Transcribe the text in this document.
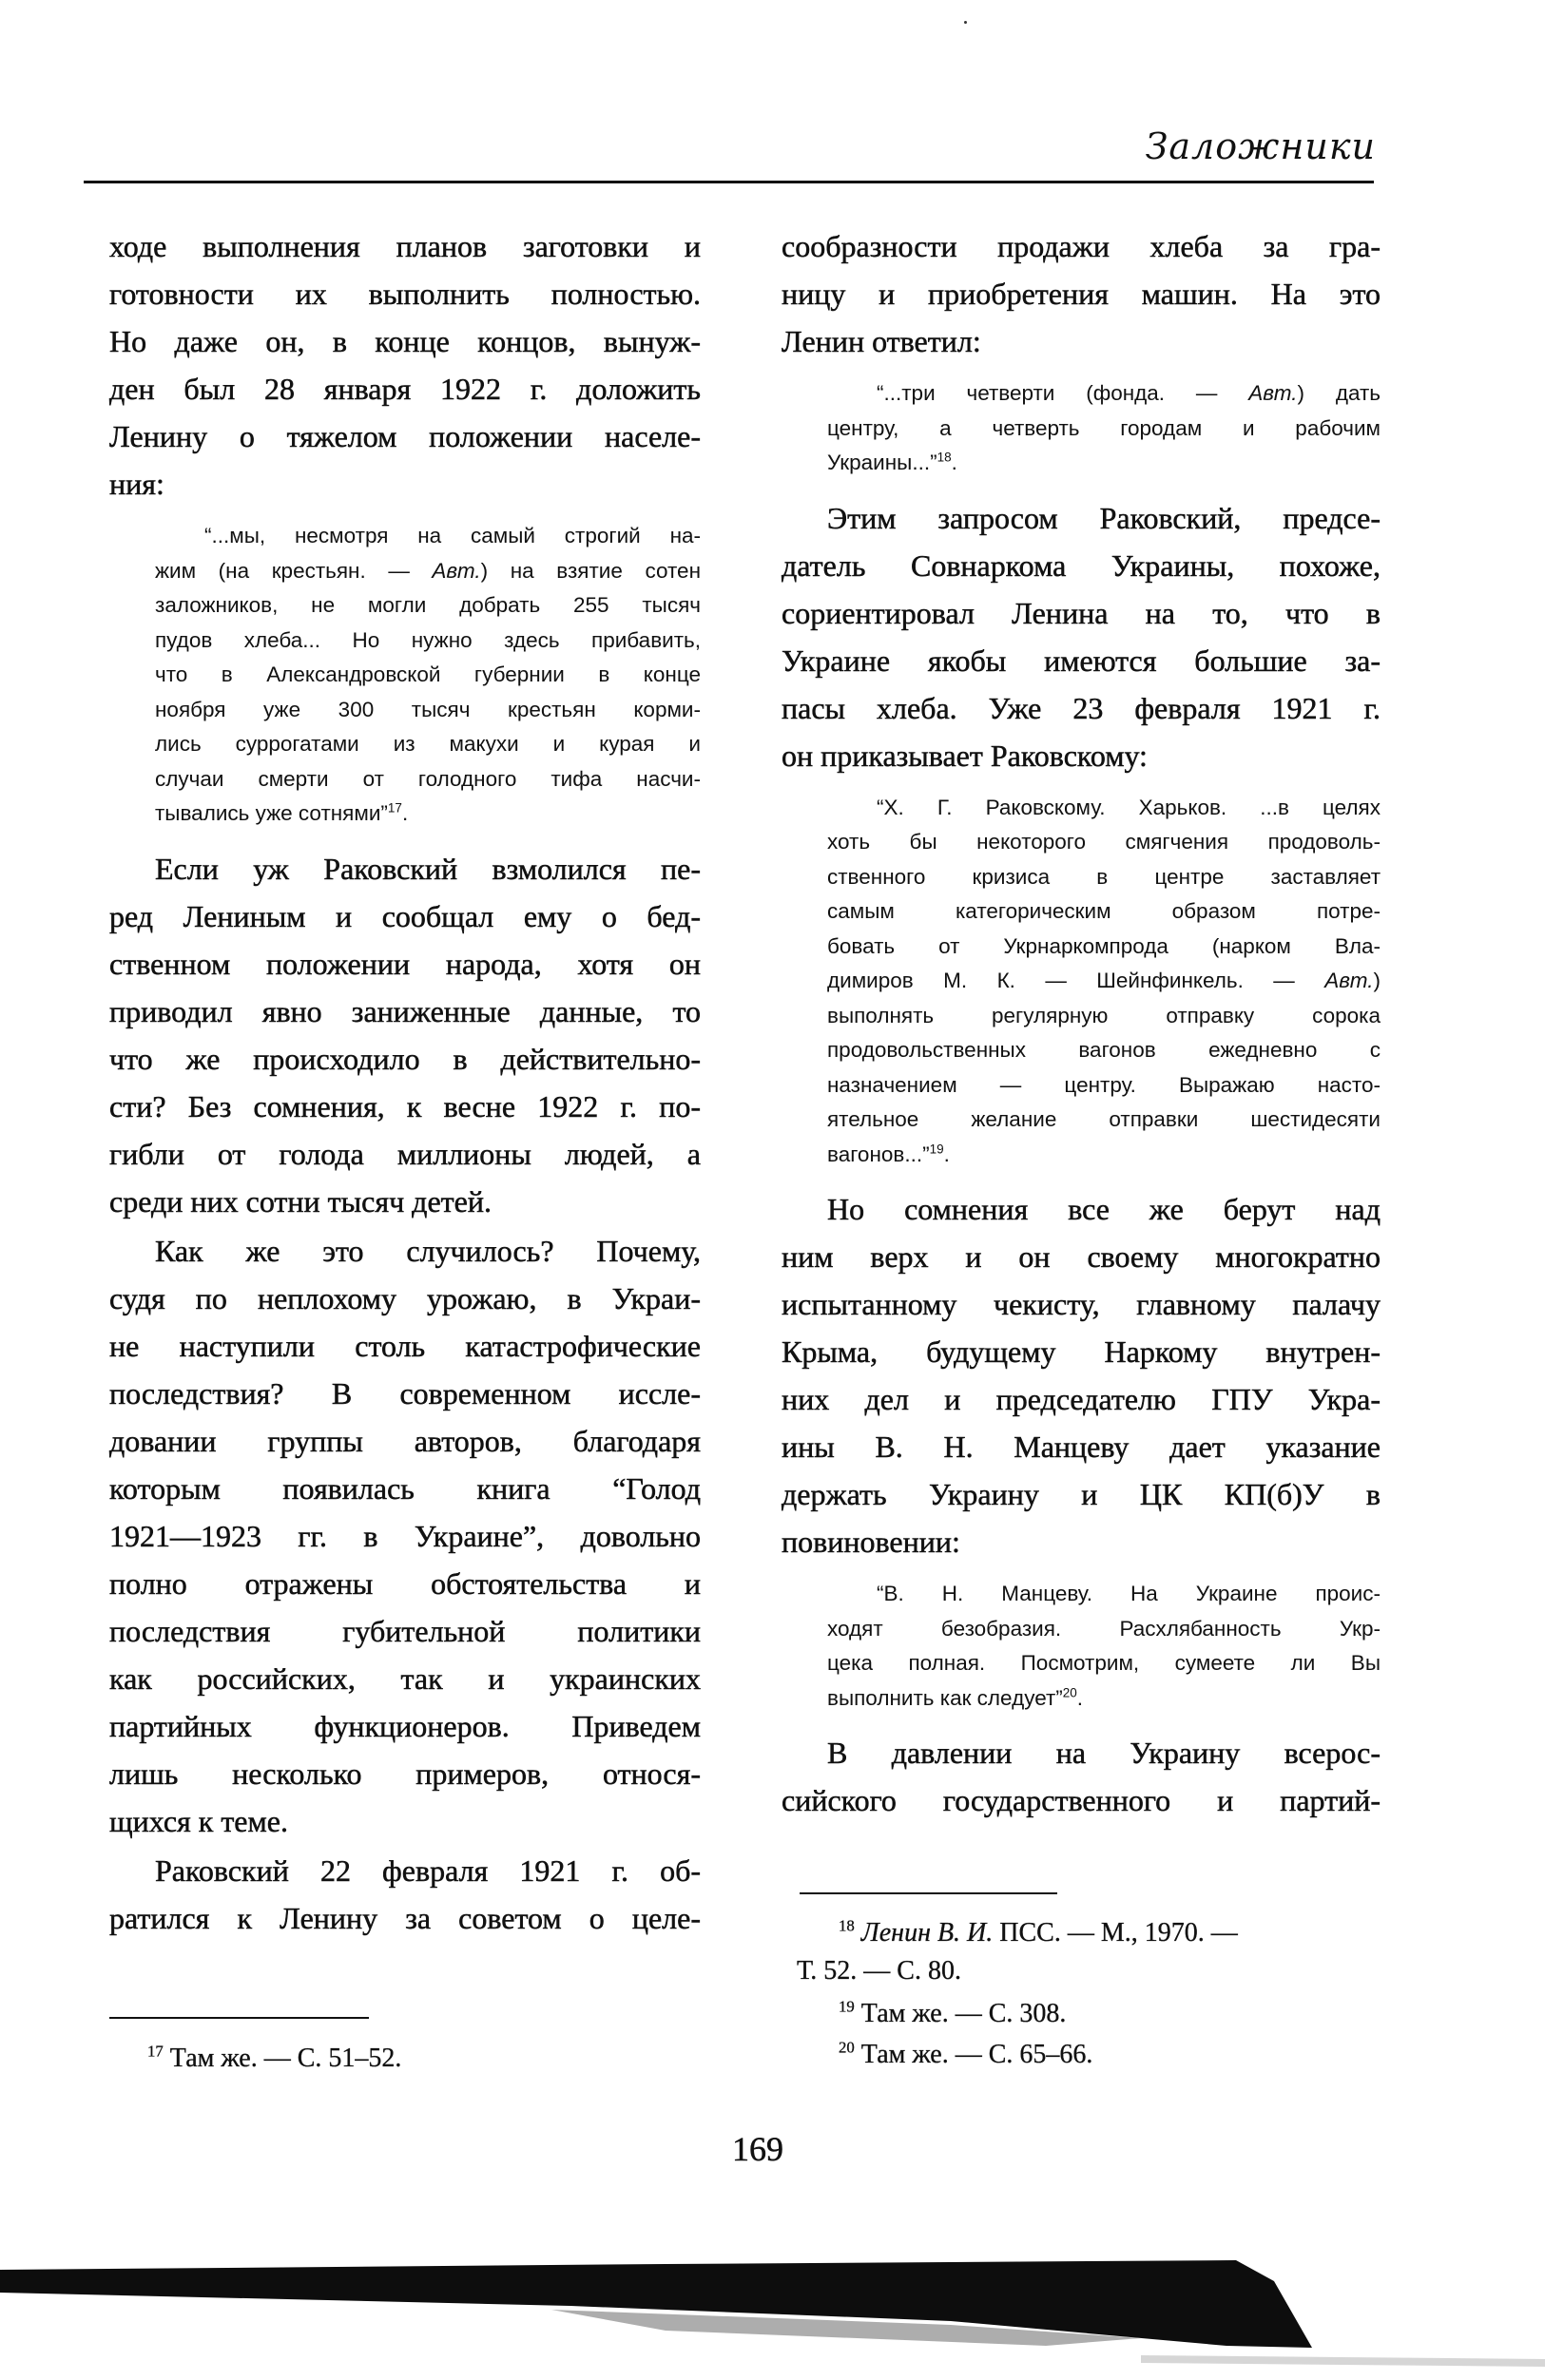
Заложники
ходе выполнения планов заготовки и
готовности их выполнить полностью.
Но даже он, в конце концов, вынуж-
ден был 28 января 1922 г. доложить
Ленину о тяжелом положении населе-
ния:
“...мы, несмотря на самый строгий на-
жим (на крестьян. — Авт.) на взятие сотен
заложников, не могли добрать 255 тысяч
пудов хлеба... Но нужно здесь прибавить,
что в Александровской губернии в конце
ноября уже 300 тысяч крестьян корми-
лись суррогатами из макухи и курая и
случаи смерти от голодного тифа насчи-
тывались уже сотнями”$^{17}$.
Если уж Раковский взмолился пе-
ред Лениным и сообщал ему о бед-
ственном положении народа, хотя он
приводил явно заниженные данные, то
что же происходило в действительно-
сти? Без сомнения, к весне 1922 г. по-
гибли от голода миллионы людей, а
среди них сотни тысяч детей.
Как же это случилось? Почему,
судя по неплохому урожаю, в Украи-
не наступили столь катастрофические
последствия? В современном иссле-
довании группы авторов, благодаря
которым появилась книга “Голод
1921—1923 гг. в Украине”, довольно
полно отражены обстоятельства и
последствия губительной политики
как российских, так и украинских
партийных функционеров. Приведем
лишь несколько примеров, относя-
щихся к теме.
Раковский 22 февраля 1921 г. об-
ратился к Ленину за советом о целе-
сообразности продажи хлеба за гра-
ницу и приобретения машин. На это
Ленин ответил:
“...три четверти (фонда. — Авт.) дать
центру, а четверть городам и рабочим
Украины...”$^{18}$.
Этим запросом Раковский, предсе-
датель Совнаркома Украины, похоже,
сориентировал Ленина на то, что в
Украине якобы имеются большие за-
пасы хлеба. Уже 23 февраля 1921 г.
он приказывает Раковскому:
“Х. Г. Раковскому. Харьков. ...в целях
хоть бы некоторого смягчения продоволь-
ственного кризиса в центре заставляет
самым категорическим образом потре-
бовать от Укрнаркомпрода (нарком Вла-
димиров М. К. — Шейнфинкель. — Авт.)
выполнять регулярную отправку сорока
продовольственных вагонов ежедневно с
назначением — центру. Выражаю насто-
ятельное желание отправки шестидесяти
вагонов...”$^{19}$.
Но сомнения все же берут над
ним верх и он своему многократно
испытанному чекисту, главному палачу
Крыма, будущему Наркому внутрен-
них дел и председателю ГПУ Укра-
ины В. Н. Манцеву дает указание
держать Украину и ЦК КП(б)У в
повиновении:
“В. Н. Манцеву. На Украине проис-
ходят безобразия. Расхлябанность Укр-
цека полная. Посмотрим, сумеете ли Вы
выполнить как следует”$^{20}$.
В давлении на Украину всерос-
сийского государственного и партий-
$^{17}$ Там же. — С. 51–52.
$^{18}$ Ленин В. И. ПСС. — М., 1970. —
Т. 52. — С. 80.
$^{19}$ Там же. — С. 308.
$^{20}$ Там же. — С. 65–66.
169
